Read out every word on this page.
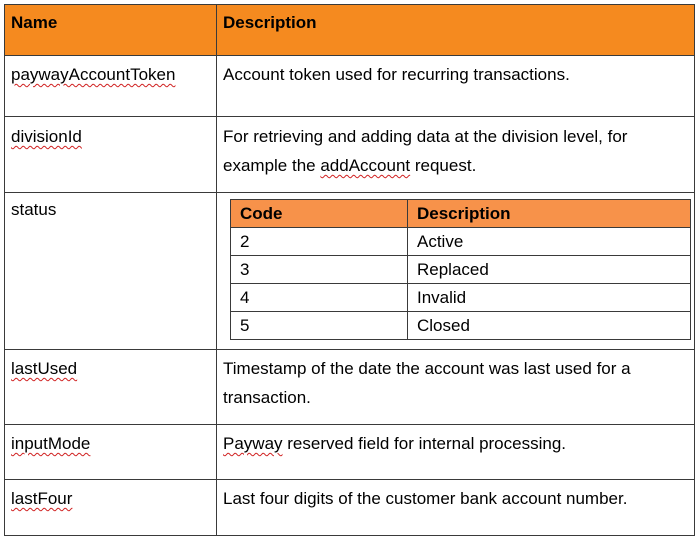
Name	Description
paywayAccountToken	Account token used for recurring transactions.
divisionId	For retrieving and adding data at the division level, for example the addAccount request.
status		Code	Description
2	Active
3	Replaced
4	Invalid
5	Closed

lastUsed	Timestamp of the date the account was last used for a transaction.
inputMode	Payway reserved field for internal processing.
lastFour	Last four digits of the customer bank account number.
